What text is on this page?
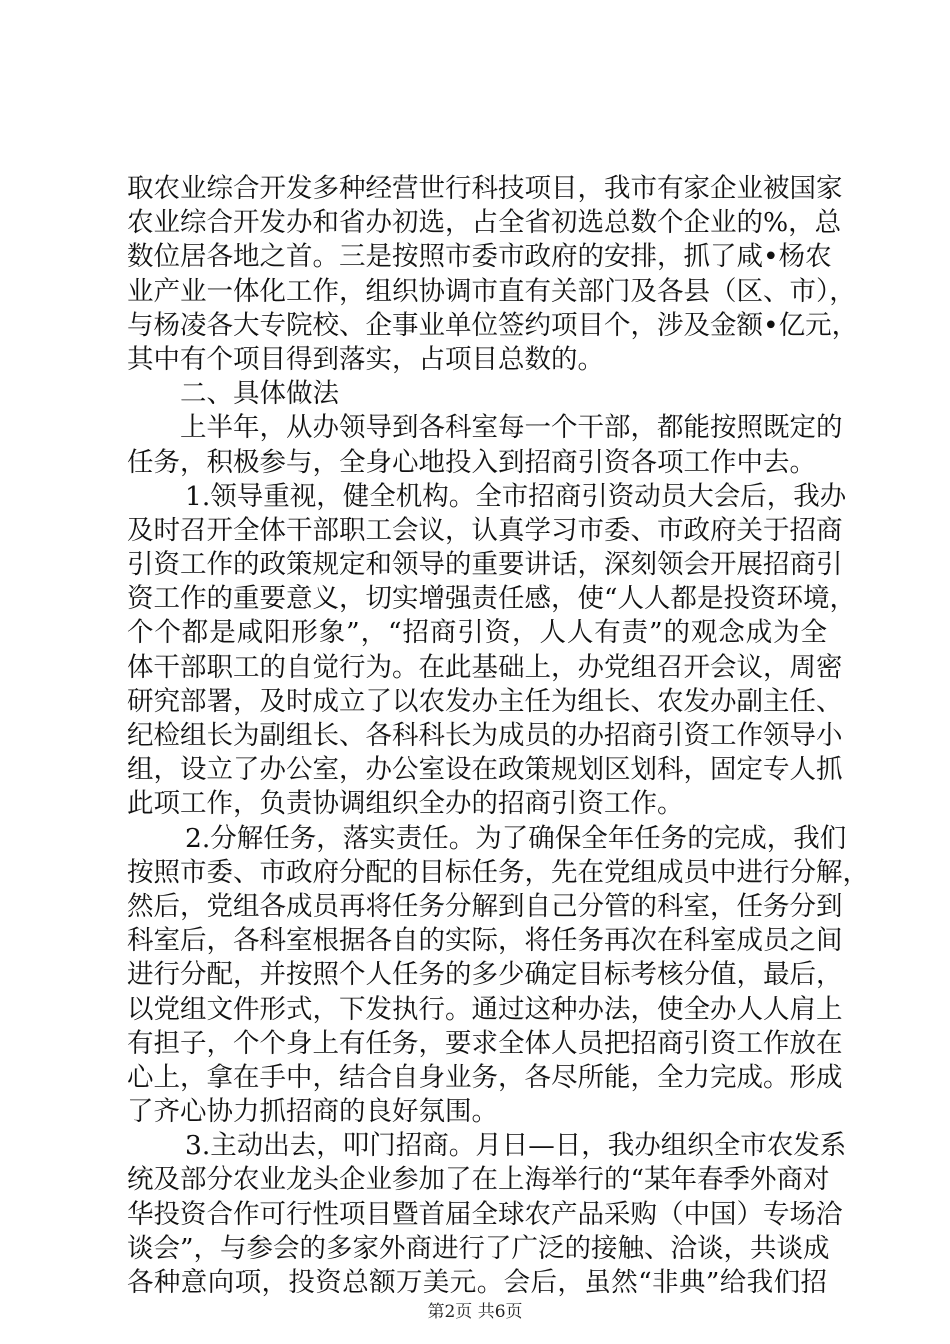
取农业综合开发多种经营世行科技项目，我市有家企业被国家
农业综合开发办和省办初选，占全省初选总数个企业的%，总
数位居各地之首。三是按照市委市政府的安排，抓了咸•杨农
业产业一体化工作，组织协调市直有关部门及各县（区、市），
与杨凌各大专院校、企事业单位签约项目个，涉及金额•亿元，
其中有个项目得到落实，占项目总数的。
二、具体做法
上半年，从办领导到各科室每一个干部，都能按照既定的
任务，积极参与，全身心地投入到招商引资各项工作中去。
1.领导重视，健全机构。全市招商引资动员大会后，我办
及时召开全体干部职工会议，认真学习市委、市政府关于招商
引资工作的政策规定和领导的重要讲话，深刻领会开展招商引
资工作的重要意义，切实增强责任感，使“人人都是投资环境，
个个都是咸阳形象”，“招商引资，人人有责”的观念成为全
体干部职工的自觉行为。在此基础上，办党组召开会议，周密
研究部署，及时成立了以农发办主任为组长、农发办副主任、
纪检组长为副组长、各科科长为成员的办招商引资工作领导小
组，设立了办公室，办公室设在政策规划区划科，固定专人抓
此项工作，负责协调组织全办的招商引资工作。
2.分解任务，落实责任。为了确保全年任务的完成，我们
按照市委、市政府分配的目标任务，先在党组成员中进行分解，
然后，党组各成员再将任务分解到自己分管的科室，任务分到
科室后，各科室根据各自的实际，将任务再次在科室成员之间
进行分配，并按照个人任务的多少确定目标考核分值，最后，
以党组文件形式，下发执行。通过这种办法，使全办人人肩上
有担子，个个身上有任务，要求全体人员把招商引资工作放在
心上，拿在手中，结合自身业务，各尽所能，全力完成。形成
了齐心协力抓招商的良好氛围。
3.主动出去，叩门招商。月日—日，我办组织全市农发系
统及部分农业龙头企业参加了在上海举行的“某年春季外商对
华投资合作可行性项目暨首届全球农产品采购（中国）专场洽
谈会”，与参会的多家外商进行了广泛的接触、洽谈，共谈成
各种意向项，投资总额万美元。会后，虽然“非典”给我们招
第2页 共6页
